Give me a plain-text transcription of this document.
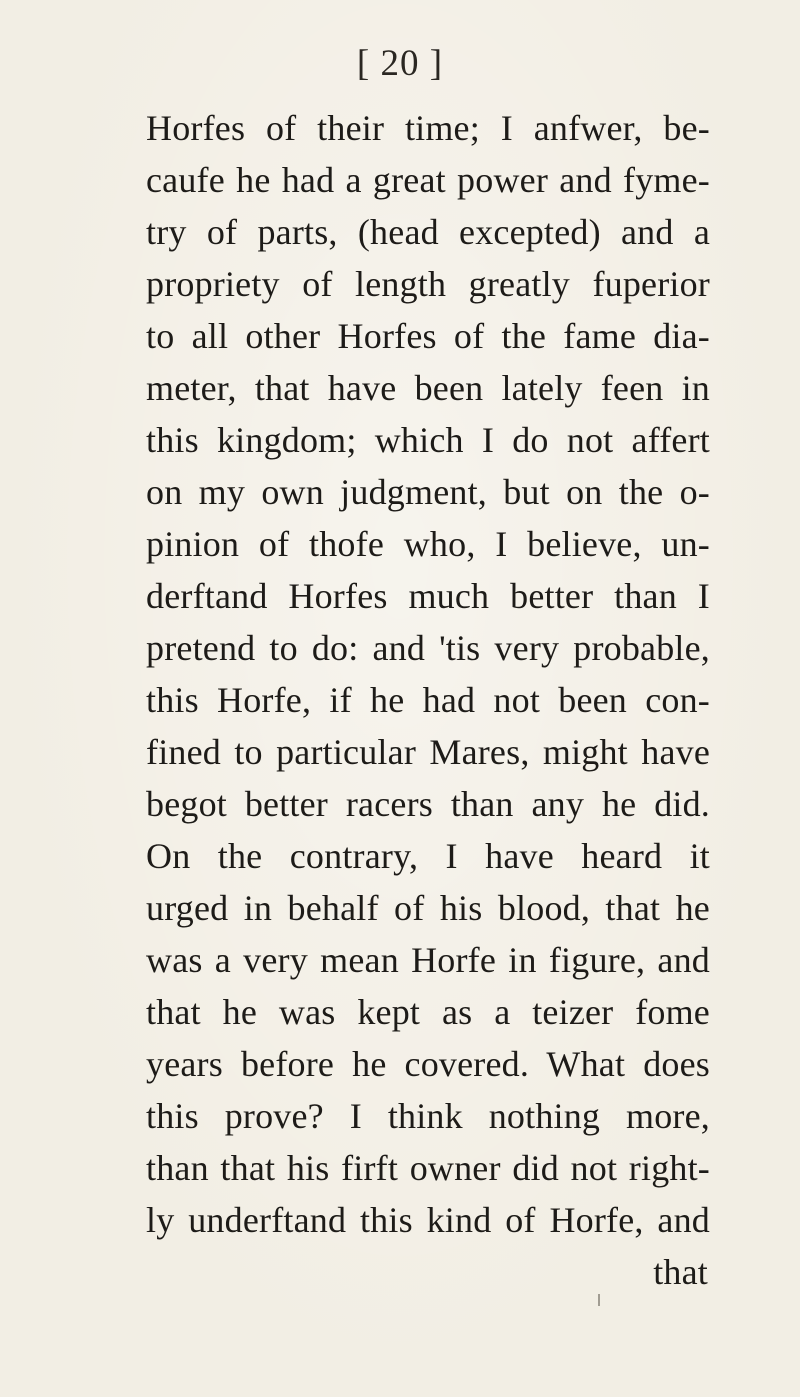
[ 20 ]
Horfes of their time; I anfwer, be-
caufe he had a great power and fyme-
try of parts, (head excepted) and a
propriety of length greatly fuperior
to all other Horfes of the fame dia-
meter, that have been lately feen in
this kingdom; which I do not affert
on my own judgment, but on the o-
pinion of thofe who, I believe, un-
derftand Horfes much better than I
pretend to do: and 'tis very probable,
this Horfe, if he had not been con-
fined to particular Mares, might have
begot better racers than any he did.
On the contrary, I have heard it
urged in behalf of his blood, that he
was a very mean Horfe in figure, and
that he was kept as a teizer fome
years before he covered. What does
this prove? I think nothing more,
than that his firft owner did not right-
ly underftand this kind of Horfe, and
that
